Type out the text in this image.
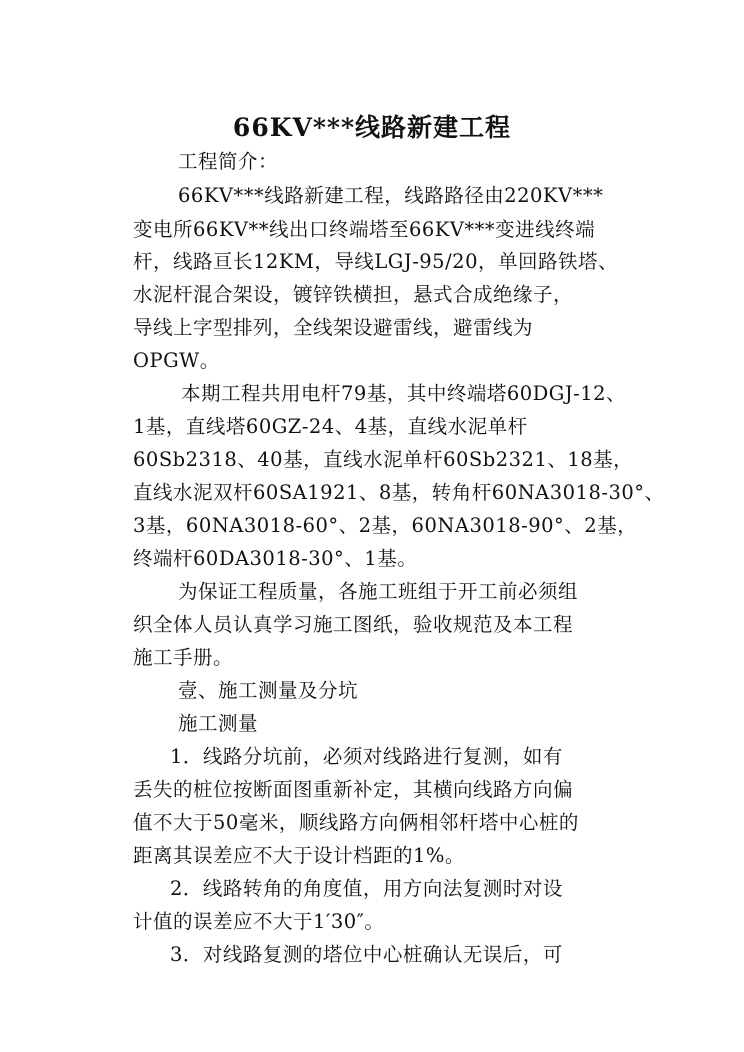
66KV***线路新建工程
工程简介：
66KV***线路新建工程，线路路径由220KV***
变电所66KV**线出口终端塔至66KV***变进线终端
杆，线路亘长12KM，导线LGJ-95/20，单回路铁塔、
水泥杆混合架设，镀锌铁横担，悬式合成绝缘子，
导线上字型排列，全线架设避雷线，避雷线为
OPGW。
本期工程共用电杆79基，其中终端塔60DGJ-12、
1基，直线塔60GZ-24、4基，直线水泥单杆
60Sb2318、40基，直线水泥单杆60Sb2321、18基，
直线水泥双杆60SA1921、8基，转角杆60NA3018-30°、
3基，60NA3018-60°、2基，60NA3018-90°、2基，
终端杆60DA3018-30°、1基。
为保证工程质量，各施工班组于开工前必须组
织全体人员认真学习施工图纸，验收规范及本工程
施工手册。
壹、施工测量及分坑
施工测量
1．线路分坑前，必须对线路进行复测，如有
丢失的桩位按断面图重新补定，其横向线路方向偏
值不大于50毫米，顺线路方向俩相邻杆塔中心桩的
距离其误差应不大于设计档距的1%。
2．线路转角的角度值，用方向法复测时对设
计值的误差应不大于1′30″。
3．对线路复测的塔位中心桩确认无误后，可
